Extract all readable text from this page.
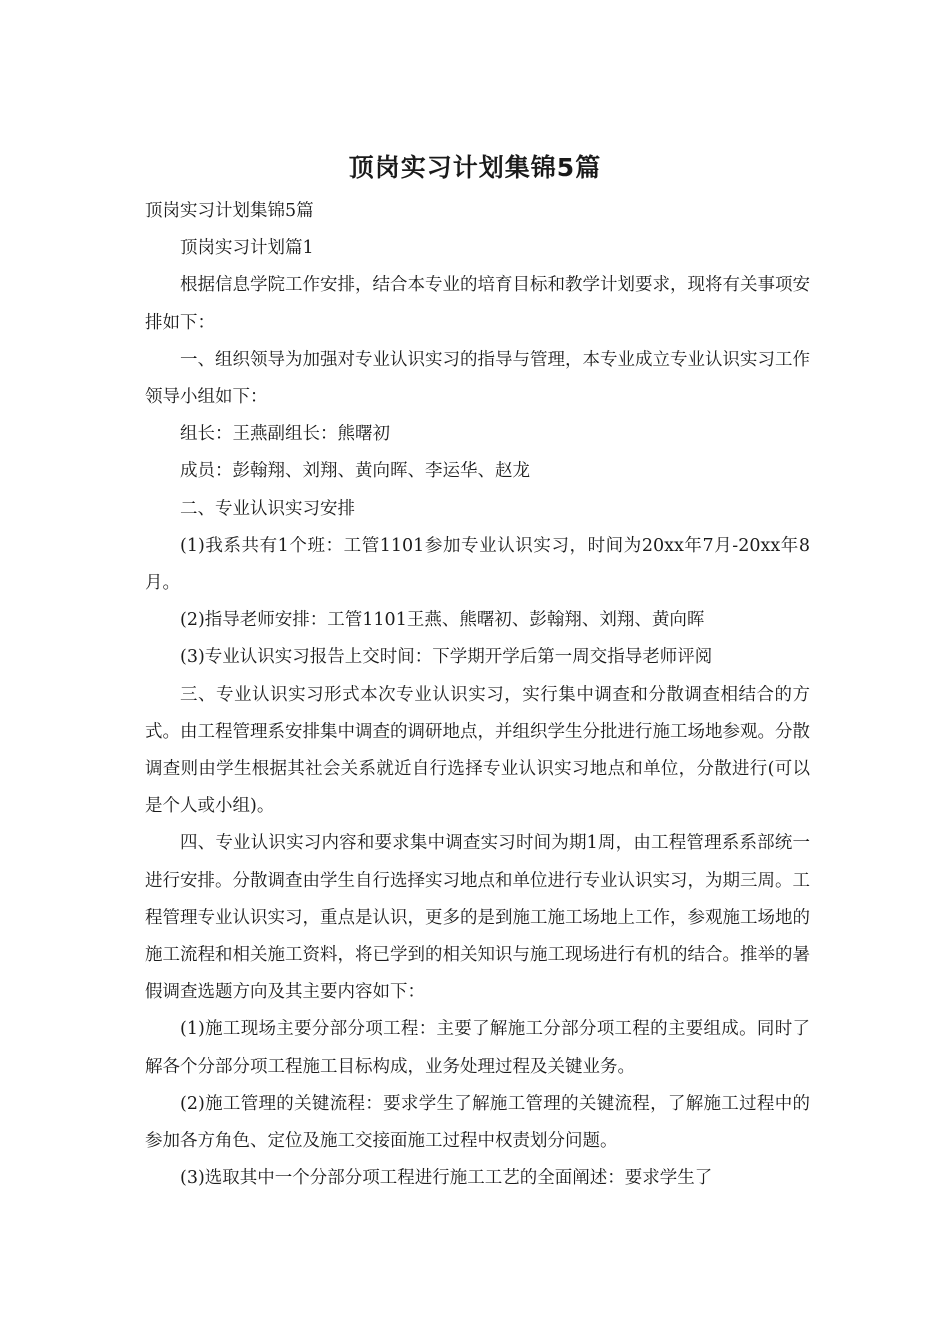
顶岗实习计划集锦5篇

顶岗实习计划集锦5篇

顶岗实习计划篇1

根据信息学院工作安排，结合本专业的培育目标和教学计划要求，现将有关事项安排如下：

一、组织领导为加强对专业认识实习的指导与管理，本专业成立专业认识实习工作领导小组如下：

组长：王燕副组长：熊曙初

成员：彭翰翔、刘翔、黄向晖、李运华、赵龙

二、专业认识实习安排

(1)我系共有1个班：工管1101参加专业认识实习，时间为20xx年7月-20xx年8月。

(2)指导老师安排：工管1101王燕、熊曙初、彭翰翔、刘翔、黄向晖

(3)专业认识实习报告上交时间：下学期开学后第一周交指导老师评阅

三、专业认识实习形式本次专业认识实习，实行集中调查和分散调查相结合的方式。由工程管理系安排集中调查的调研地点，并组织学生分批进行施工场地参观。分散调查则由学生根据其社会关系就近自行选择专业认识实习地点和单位，分散进行(可以是个人或小组)。

四、专业认识实习内容和要求集中调查实习时间为期1周，由工程管理系系部统一进行安排。分散调查由学生自行选择实习地点和单位进行专业认识实习，为期三周。工程管理专业认识实习，重点是认识，更多的是到施工施工场地上工作，参观施工场地的施工流程和相关施工资料，将已学到的相关知识与施工现场进行有机的结合。推举的暑假调查选题方向及其主要内容如下：

(1)施工现场主要分部分项工程：主要了解施工分部分项工程的主要组成。同时了解各个分部分项工程施工目标构成，业务处理过程及关键业务。

(2)施工管理的关键流程：要求学生了解施工管理的关键流程，了解施工过程中的参加各方角色、定位及施工交接面施工过程中权责划分问题。

(3)选取其中一个分部分项工程进行施工工艺的全面阐述：要求学生了
